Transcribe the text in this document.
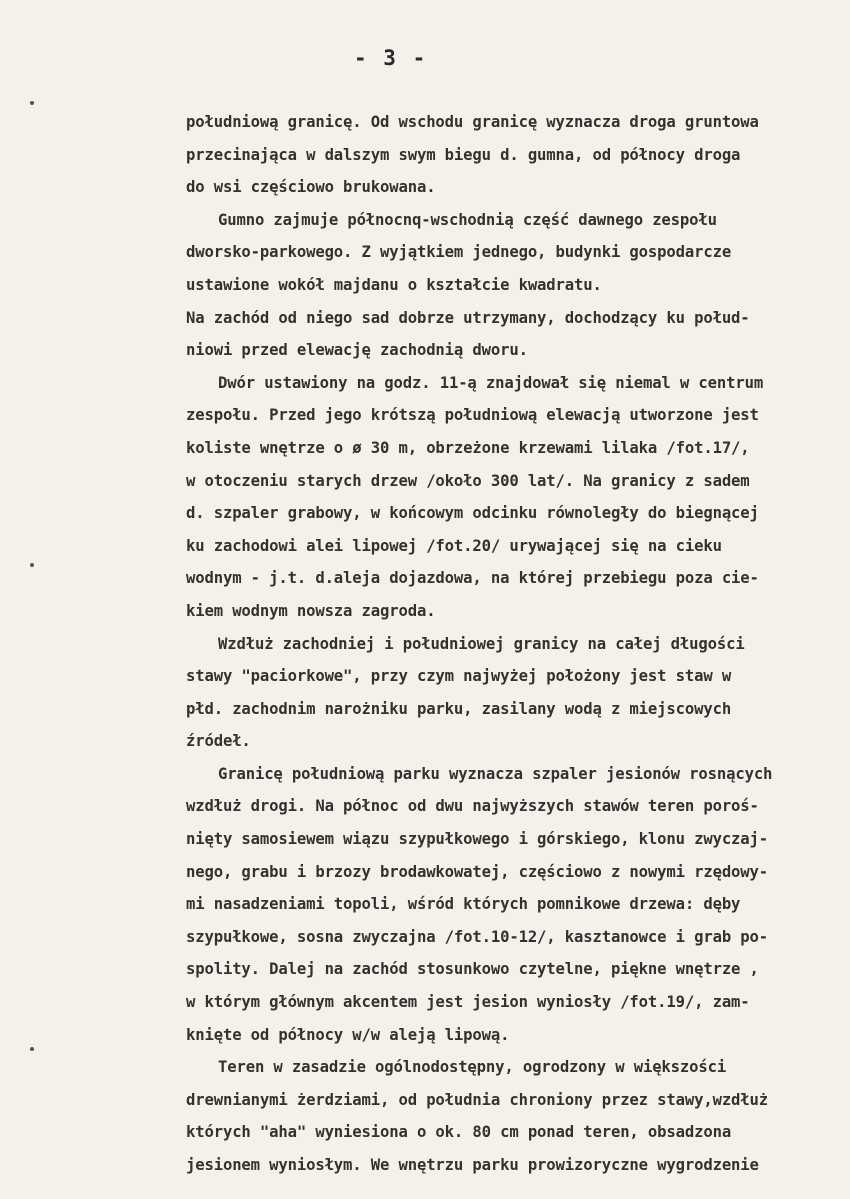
- 3 -
południową granicę. Od wschodu granicę wyznacza droga gruntowa
przecinająca w dalszym swym biegu d. gumna, od północy droga
do wsi częściowo brukowana.
Gumno zajmuje północnq-wschodnią część dawnego zespołu
dworsko-parkowego. Z wyjątkiem jednego, budynki gospodarcze
ustawione wokół majdanu o kształcie kwadratu.
Na zachód od niego sad dobrze utrzymany, dochodzący ku połud-
niowi przed elewację zachodnią dworu.
Dwór ustawiony na godz. 11-ą znajdował się niemal w centrum
zespołu. Przed jego krótszą południową elewacją utworzone jest
koliste wnętrze o ø 30 m, obrzeżone krzewami lilaka /fot.17/,
w otoczeniu starych drzew /około 300 lat/. Na granicy z sadem
d. szpaler grabowy, w końcowym odcinku równoległy do biegnącej
ku zachodowi alei lipowej /fot.20/ urywającej się na cieku
wodnym - j.t. d.aleja dojazdowa, na której przebiegu poza cie-
kiem wodnym nowsza zagroda.
Wzdłuż zachodniej i południowej granicy na całej długości
stawy "paciorkowe", przy czym najwyżej położony jest staw w
płd. zachodnim narożniku parku, zasilany wodą z miejscowych
źródeł.
Granicę południową parku wyznacza szpaler jesionów rosnących
wzdłuż drogi. Na północ od dwu najwyższych stawów teren poroś-
nięty samosiewem wiązu szypułkowego i górskiego, klonu zwyczaj-
nego, grabu i brzozy brodawkowatej, częściowo z nowymi rzędowy-
mi nasadzeniami topoli, wśród których pomnikowe drzewa: dęby
szypułkowe, sosna zwyczajna /fot.10-12/, kasztanowce i grab po-
spolity. Dalej na zachód stosunkowo czytelne, piękne wnętrze ,
w którym głównym akcentem jest jesion wyniosły /fot.19/, zam-
knięte od północy w/w aleją lipową.
Teren w zasadzie ogólnodostępny, ogrodzony w większości
drewnianymi żerdziami, od południa chroniony przez stawy,wzdłuż
których "aha" wyniesiona o ok. 80 cm ponad teren, obsadzona
jesionem wyniosłym. We wnętrzu parku prowizoryczne wygrodzenie
